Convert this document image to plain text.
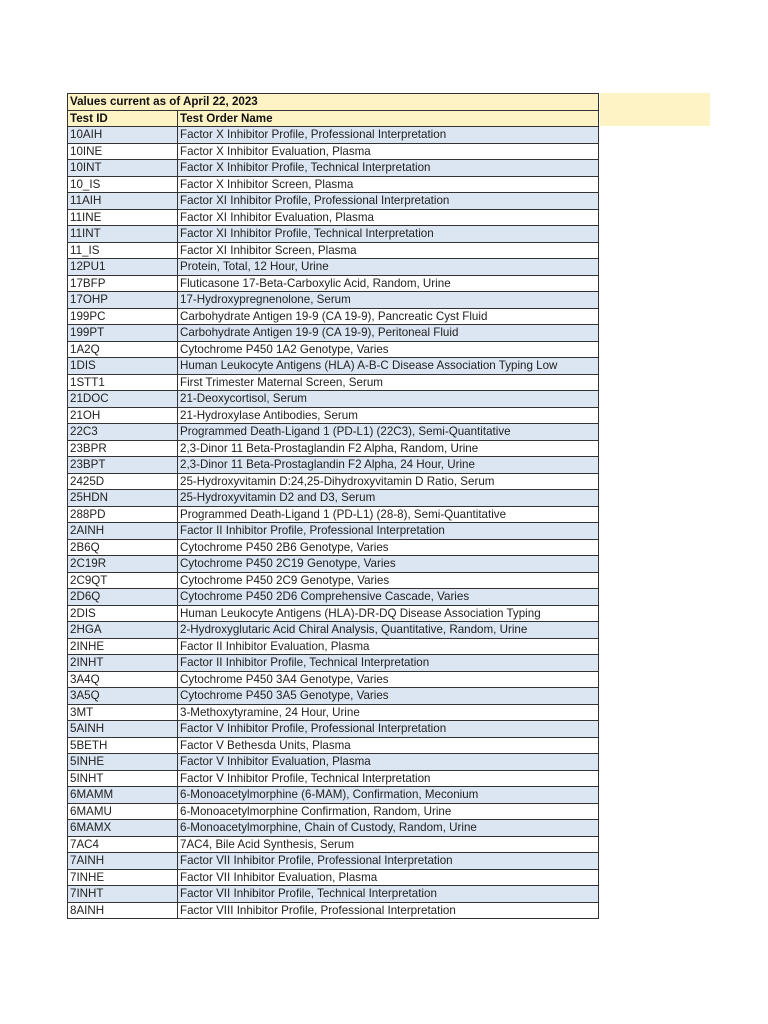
Values current as of April 22, 2023	
Test ID	Test Order Name
10AIH	Factor X Inhibitor Profile, Professional Interpretation
10INE	Factor X Inhibitor Evaluation, Plasma
10INT	Factor X Inhibitor Profile, Technical Interpretation
10_IS	Factor X Inhibitor Screen, Plasma
11AIH	Factor XI Inhibitor Profile, Professional Interpretation
11INE	Factor XI Inhibitor Evaluation, Plasma
11INT	Factor XI Inhibitor Profile, Technical Interpretation
11_IS	Factor XI Inhibitor Screen, Plasma
12PU1	Protein, Total, 12 Hour, Urine
17BFP	Fluticasone 17-Beta-Carboxylic Acid, Random, Urine
17OHP	17-Hydroxypregnenolone, Serum
199PC	Carbohydrate Antigen 19-9 (CA 19-9), Pancreatic Cyst Fluid
199PT	Carbohydrate Antigen 19-9 (CA 19-9), Peritoneal Fluid
1A2Q	Cytochrome P450 1A2 Genotype, Varies
1DIS	Human Leukocyte Antigens (HLA) A-B-C Disease Association Typing Low
1STT1	First Trimester Maternal Screen, Serum
21DOC	21-Deoxycortisol, Serum
21OH	21-Hydroxylase Antibodies, Serum
22C3	Programmed Death-Ligand 1 (PD-L1) (22C3), Semi-Quantitative
23BPR	2,3-Dinor 11 Beta-Prostaglandin F2 Alpha, Random, Urine
23BPT	2,3-Dinor 11 Beta-Prostaglandin F2 Alpha, 24 Hour, Urine
2425D	25-Hydroxyvitamin D:24,25-Dihydroxyvitamin D Ratio, Serum
25HDN	25-Hydroxyvitamin D2 and D3, Serum
288PD	Programmed Death-Ligand 1 (PD-L1) (28-8), Semi-Quantitative
2AINH	Factor II Inhibitor Profile, Professional Interpretation
2B6Q	Cytochrome P450 2B6 Genotype, Varies
2C19R	Cytochrome P450 2C19 Genotype, Varies
2C9QT	Cytochrome P450 2C9 Genotype, Varies
2D6Q	Cytochrome P450 2D6 Comprehensive Cascade, Varies
2DIS	Human Leukocyte Antigens (HLA)-DR-DQ Disease Association Typing
2HGA	2-Hydroxyglutaric Acid Chiral Analysis, Quantitative, Random, Urine
2INHE	Factor II Inhibitor Evaluation, Plasma
2INHT	Factor II Inhibitor Profile, Technical Interpretation
3A4Q	Cytochrome P450 3A4 Genotype, Varies
3A5Q	Cytochrome P450 3A5 Genotype, Varies
3MT	3-Methoxytyramine, 24 Hour, Urine
5AINH	Factor V Inhibitor Profile, Professional Interpretation
5BETH	Factor V Bethesda Units, Plasma
5INHE	Factor V Inhibitor Evaluation, Plasma
5INHT	Factor V Inhibitor Profile, Technical Interpretation
6MAMM	6-Monoacetylmorphine (6-MAM), Confirmation, Meconium
6MAMU	6-Monoacetylmorphine Confirmation, Random, Urine
6MAMX	6-Monoacetylmorphine, Chain of Custody, Random, Urine
7AC4	7AC4, Bile Acid Synthesis, Serum
7AINH	Factor VII Inhibitor Profile, Professional Interpretation
7INHE	Factor VII Inhibitor Evaluation, Plasma
7INHT	Factor VII Inhibitor Profile, Technical Interpretation
8AINH	Factor VIII Inhibitor Profile, Professional Interpretation
